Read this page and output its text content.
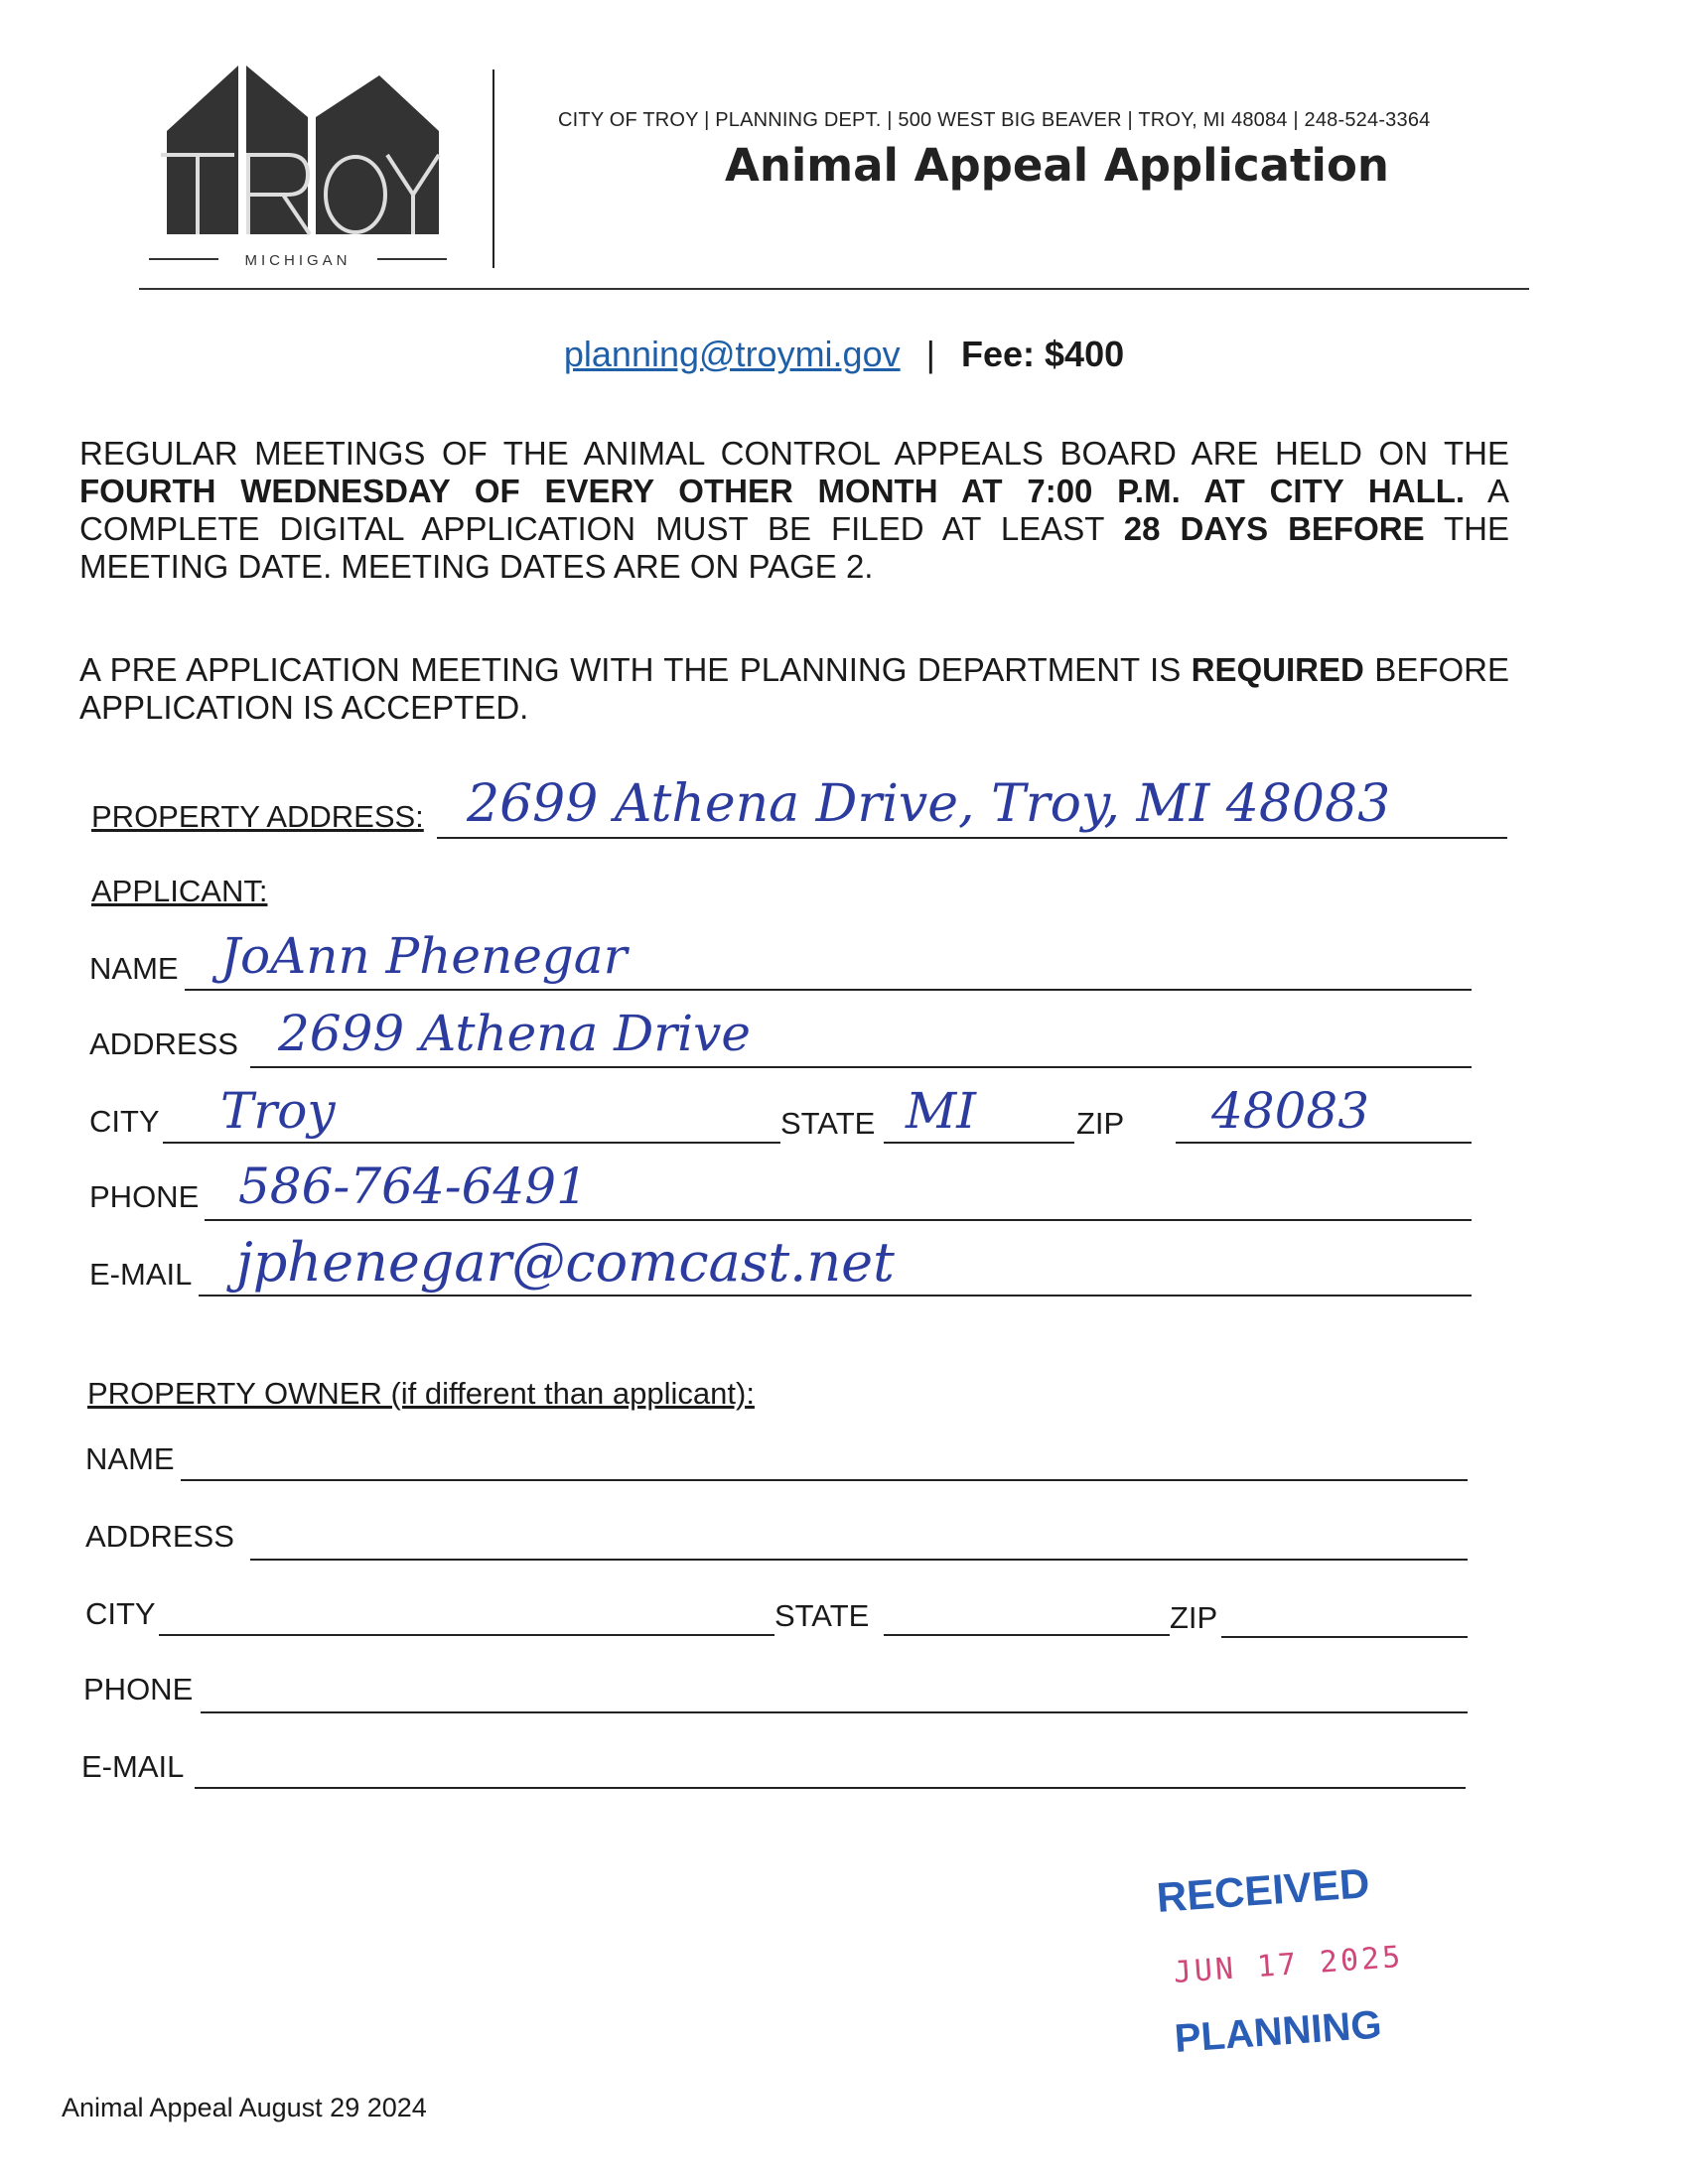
MICHIGAN
CITY OF TROY | PLANNING DEPT. | 500 WEST BIG BEAVER | TROY, MI 48084 | 248-524-3364
Animal Appeal Application
planning@troymi.gov | Fee: $400
REGULAR MEETINGS OF THE ANIMAL CONTROL APPEALS BOARD ARE HELD ON THE FOURTH WEDNESDAY OF EVERY OTHER MONTH AT 7:00 P.M. AT CITY HALL. A COMPLETE DIGITAL APPLICATION MUST BE FILED AT LEAST 28 DAYS BEFORE THE MEETING DATE. MEETING DATES ARE ON PAGE 2.
A PRE APPLICATION MEETING WITH THE PLANNING DEPARTMENT IS REQUIRED BEFORE APPLICATION IS ACCEPTED.
PROPERTY ADDRESS: 2699 Athena Drive, Troy, MI 48083
APPLICANT:
NAME JoAnn Phenegar
ADDRESS 2699 Athena Drive
CITY Troy	STATE MI	ZIP 48083
PHONE 586-764-6491
E-MAIL jphenegar@comcast.net
PROPERTY OWNER (if different than applicant):
NAME
ADDRESS
CITY	STATE	ZIP
PHONE
E-MAIL
RECEIVED
JUN 17 2025
PLANNING
Animal Appeal August 29 2024
